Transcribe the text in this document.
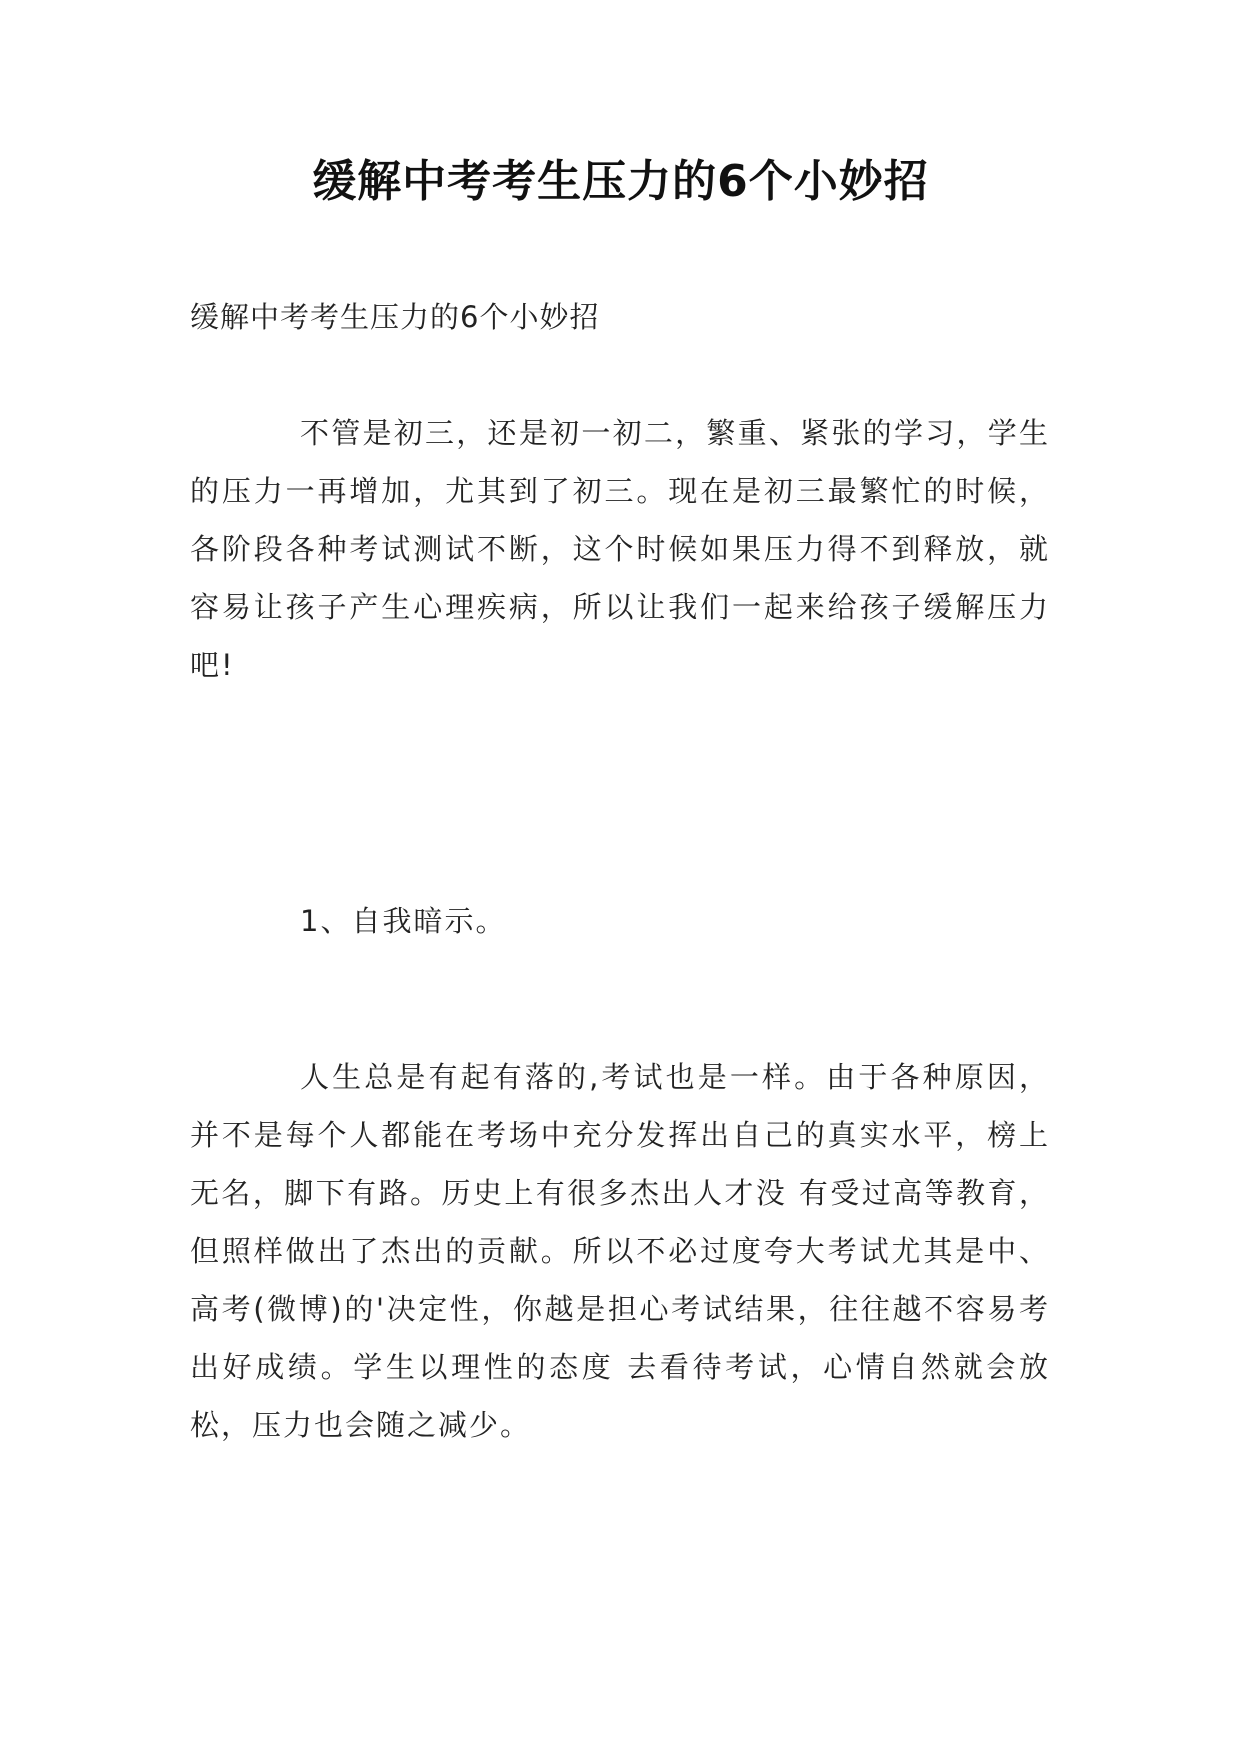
缓解中考考生压力的6个小妙招
缓解中考考生压力的6个小妙招

不管是初三，还是初一初二，繁重、紧张的学习，学生的压力一再增加，尤其到了初三。现在是初三最繁忙的时候，各阶段各种考试测试不断，这个时候如果压力得不到释放，就容易让孩子产生心理疾病，所以让我们一起来给孩子缓解压力吧!

1、自我暗示。

人生总是有起有落的,考试也是一样。由于各种原因，并不是每个人都能在考场中充分发挥出自己的真实水平，榜上无名，脚下有路。历史上有很多杰出人才没 有受过高等教育，但照样做出了杰出的贡献。所以不必过度夸大考试尤其是中、高考(微博)的'决定性，你越是担心考试结果，往往越不容易考出好成绩。学生以理性的态度 去看待考试，心情自然就会放松，压力也会随之减少。
